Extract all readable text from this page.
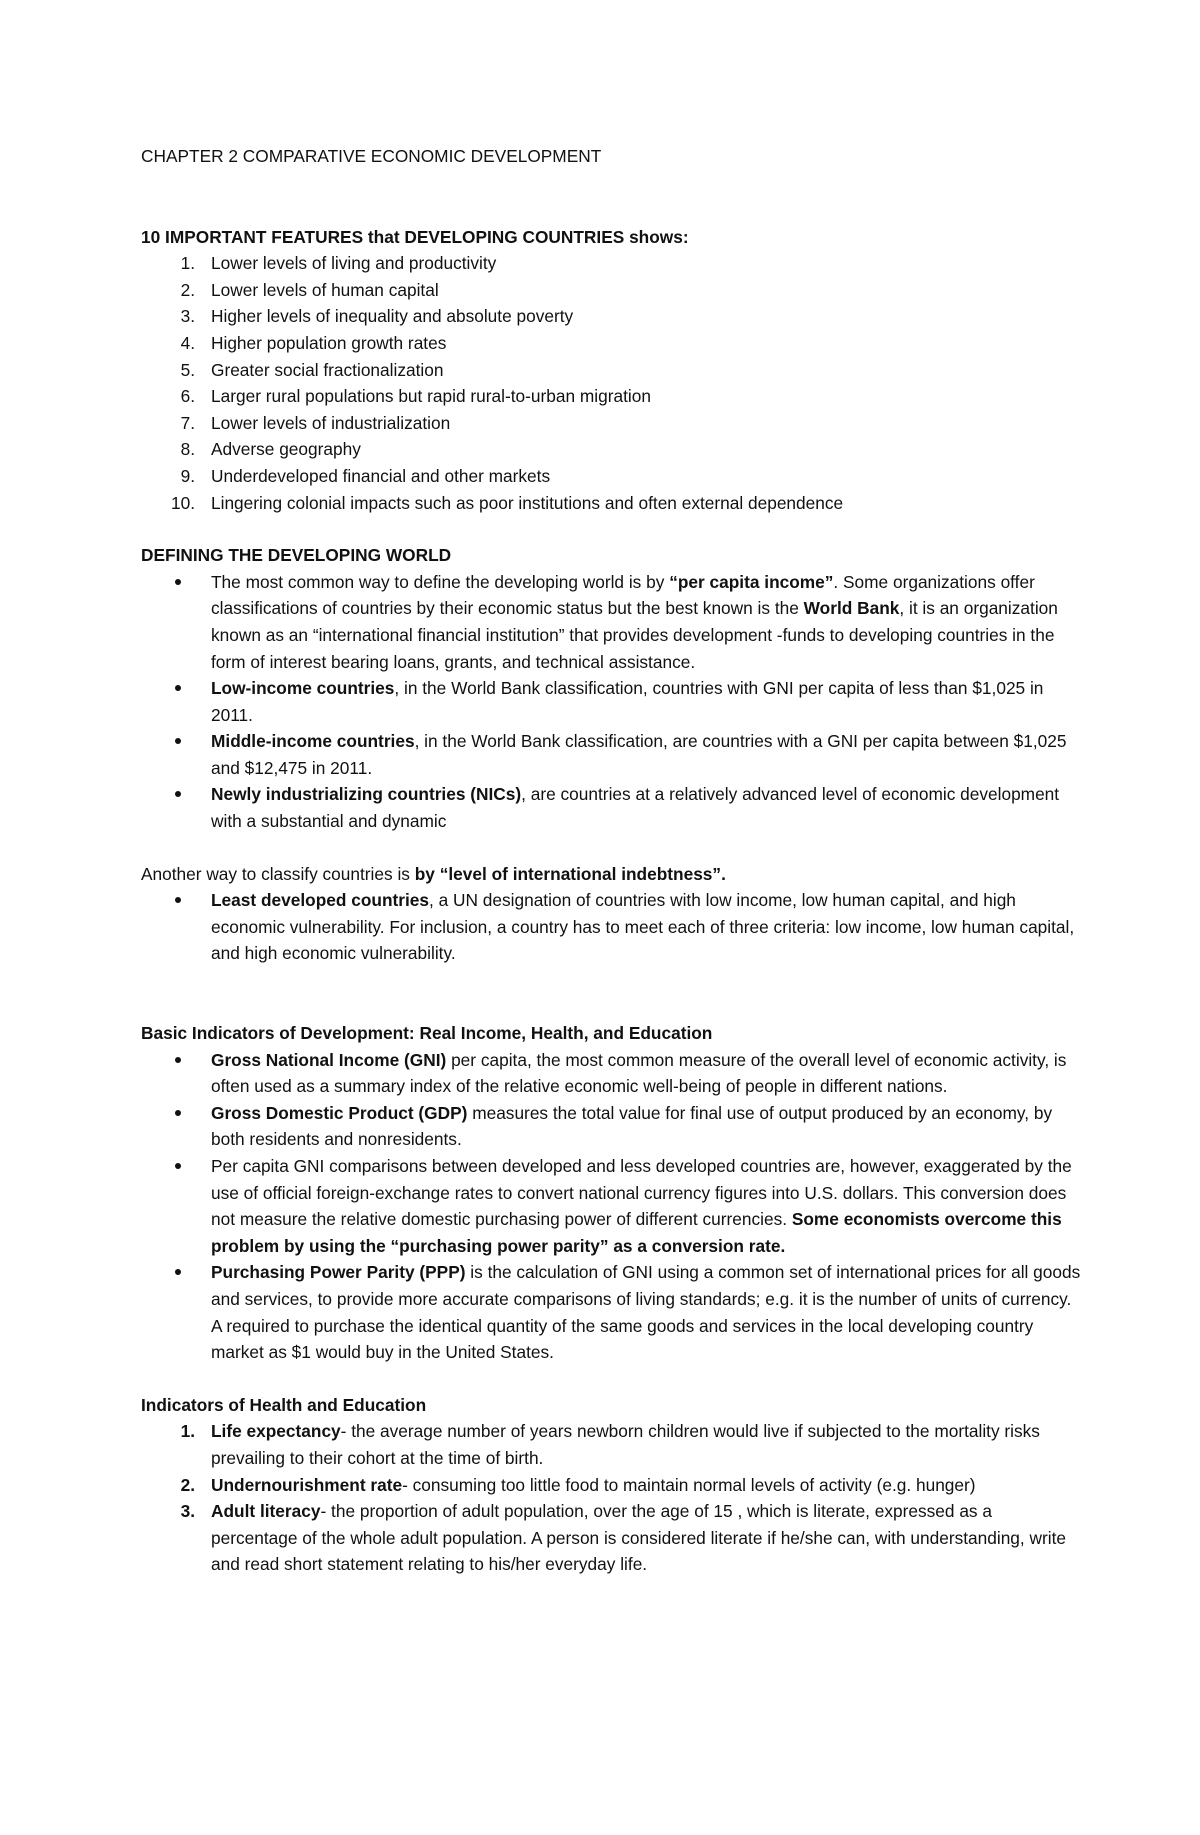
CHAPTER 2 COMPARATIVE ECONOMIC DEVELOPMENT

10 IMPORTANT FEATURES that DEVELOPING COUNTRIES shows:

1. Lower levels of living and productivity
2. Lower levels of human capital
3. Higher levels of inequality and absolute poverty
4. Higher population growth rates
5. Greater social fractionalization
6. Larger rural populations but rapid rural-to-urban migration
7. Lower levels of industrialization
8. Adverse geography
9. Underdeveloped financial and other markets
10. Lingering colonial impacts such as poor institutions and often external dependence

DEFINING THE DEVELOPING WORLD

The most common way to define the developing world is by “per capita income”. Some organizations offer classifications of countries by their economic status but the best known is the World Bank, it is an organization known as an “international financial institution” that provides development -funds to developing countries in the form of interest bearing loans, grants, and technical assistance.
Low-income countries, in the World Bank classification, countries with GNI per capita of less than $1,025 in 2011.
Middle-income countries, in the World Bank classification, are countries with a GNI per capita between $1,025 and $12,475 in 2011.
Newly industrializing countries (NICs), are countries at a relatively advanced level of economic development with a substantial and dynamic

Another way to classify countries is by “level of international indebtness”.

Least developed countries, a UN designation of countries with low income, low human capital, and high economic vulnerability. For inclusion, a country has to meet each of three criteria: low income, low human capital, and high economic vulnerability.

Basic Indicators of Development: Real Income, Health, and Education

Gross National Income (GNI) per capita, the most common measure of the overall level of economic activity, is often used as a summary index of the relative economic well-being of people in different nations.
Gross Domestic Product (GDP) measures the total value for final use of output produced by an economy, by both residents and nonresidents.
Per capita GNI comparisons between developed and less developed countries are, however, exaggerated by the use of official foreign-exchange rates to convert national currency figures into U.S. dollars. This conversion does not measure the relative domestic purchasing power of different currencies. Some economists overcome this problem by using the “purchasing power parity” as a conversion rate.
Purchasing Power Parity (PPP) is the calculation of GNI using a common set of international prices for all goods and services, to provide more accurate comparisons of living standards; e.g. it is the number of units of currency. A required to purchase the identical quantity of the same goods and services in the local developing country market as $1 would buy in the United States.

Indicators of Health and Education

1. Life expectancy- the average number of years newborn children would live if subjected to the mortality risks prevailing to their cohort at the time of birth.
2. Undernourishment rate- consuming too little food to maintain normal levels of activity (e.g. hunger)
3. Adult literacy- the proportion of adult population, over the age of 15 , which is literate, expressed as a percentage of the whole adult population. A person is considered literate if he/she can, with understanding, write and read short statement relating to his/her everyday life.
